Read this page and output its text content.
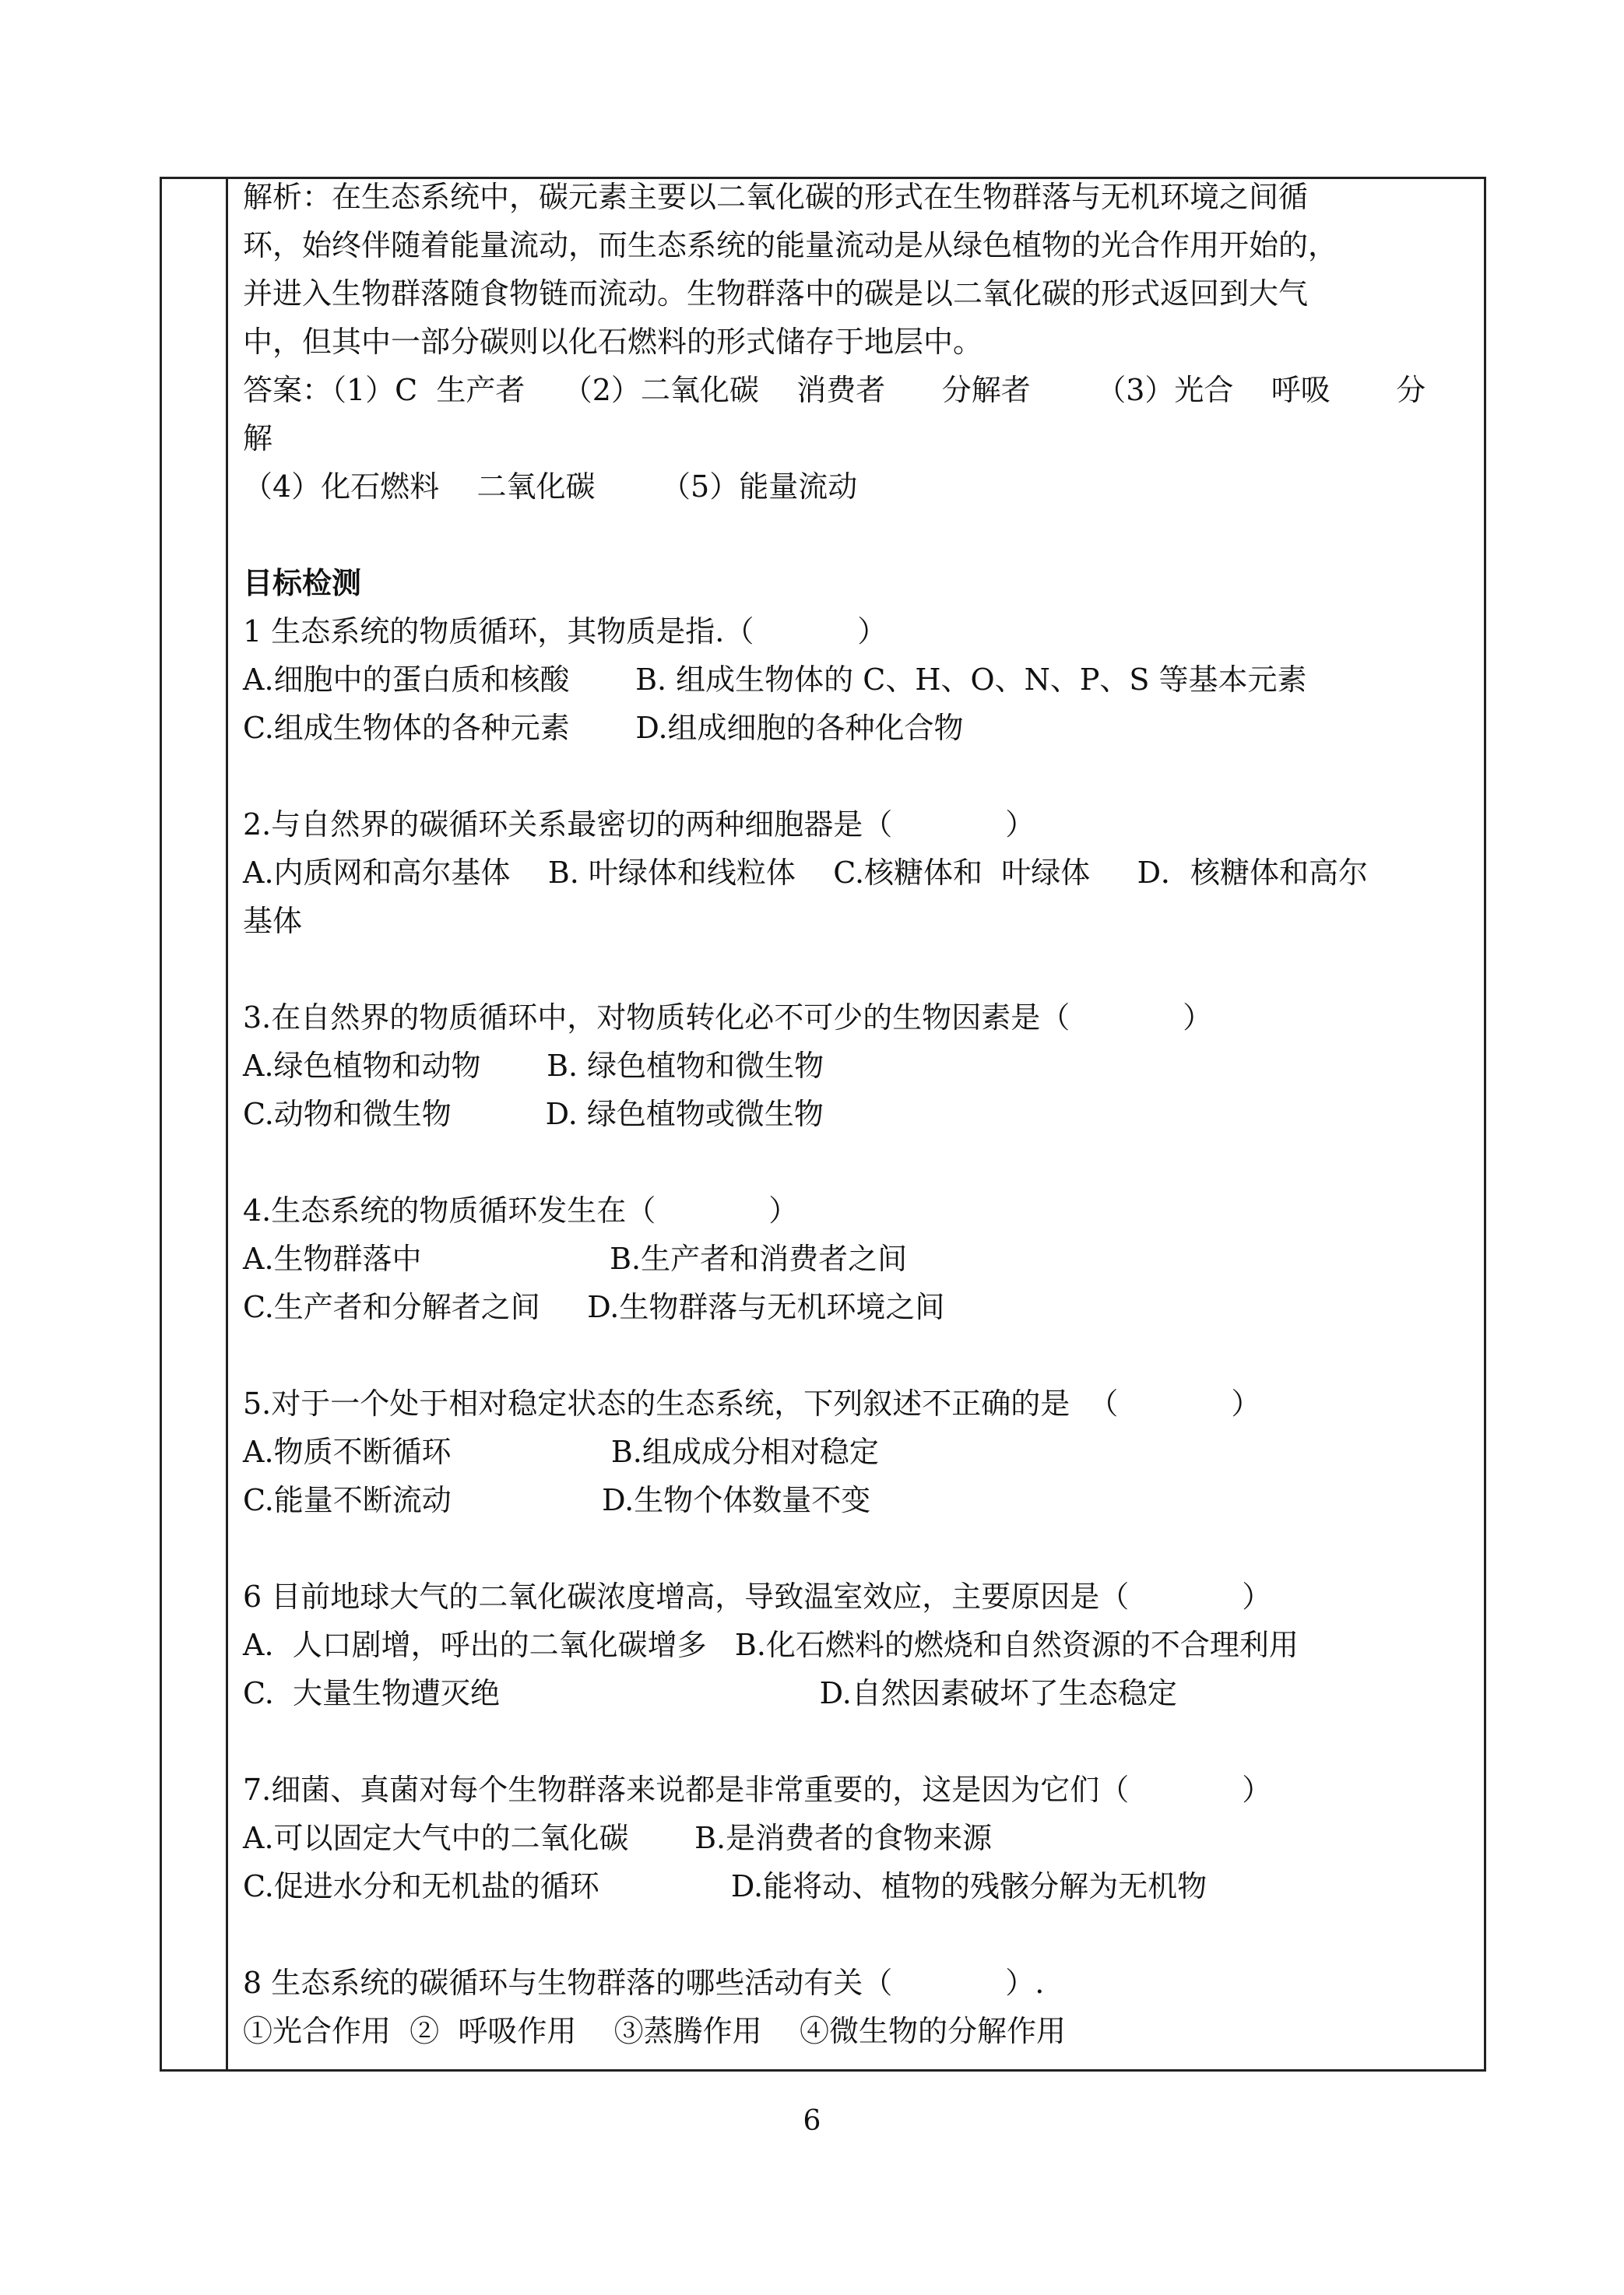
解析：在生态系统中，碳元素主要以二氧化碳的形式在生物群落与无机环境之间循
环，始终伴随着能量流动，而生态系统的能量流动是从绿色植物的光合作用开始的，
并进入生物群落随食物链而流动。生物群落中的碳是以二氧化碳的形式返回到大气
中，但其中一部分碳则以化石燃料的形式储存于地层中。
答案：（1）C  生产者    （2）二氧化碳    消费者      分解者       （3）光合    呼吸       分
解
（4）化石燃料    二氧化碳       （5）能量流动
目标检测
1 生态系统的物质循环，其物质是指.（           ）
A.细胞中的蛋白质和核酸       B. 组成生物体的 C、H、O、N、P、S 等基本元素
C.组成生物体的各种元素       D.组成细胞的各种化合物
2.与自然界的碳循环关系最密切的两种细胞器是（            ）
A.内质网和高尔基体    B. 叶绿体和线粒体    C.核糖体和  叶绿体     D．核糖体和高尔
基体
3.在自然界的物质循环中，对物质转化必不可少的生物因素是（            ）
A.绿色植物和动物       B. 绿色植物和微生物
C.动物和微生物          D. 绿色植物或微生物
4.生态系统的物质循环发生在（            ）
A.生物群落中                    B.生产者和消费者之间
C.生产者和分解者之间     D.生物群落与无机环境之间
5.对于一个处于相对稳定状态的生态系统，下列叙述不正确的是  （            ）
A.物质不断循环                 B.组成成分相对稳定
C.能量不断流动                D.生物个体数量不变
6 目前地球大气的二氧化碳浓度增高，导致温室效应，主要原因是（            ）
A.  人口剧增，呼出的二氧化碳增多   B.化石燃料的燃烧和自然资源的不合理利用
C.  大量生物遭灭绝                                  D.自然因素破坏了生态稳定
7.细菌、真菌对每个生物群落来说都是非常重要的，这是因为它们（            ）
A.可以固定大气中的二氧化碳       B.是消费者的食物来源
C.促进水分和无机盐的循环              D.能将动、植物的残骸分解为无机物
8 生态系统的碳循环与生物群落的哪些活动有关（            ）.
①光合作用  ②  呼吸作用    ③蒸腾作用    ④微生物的分解作用
6
